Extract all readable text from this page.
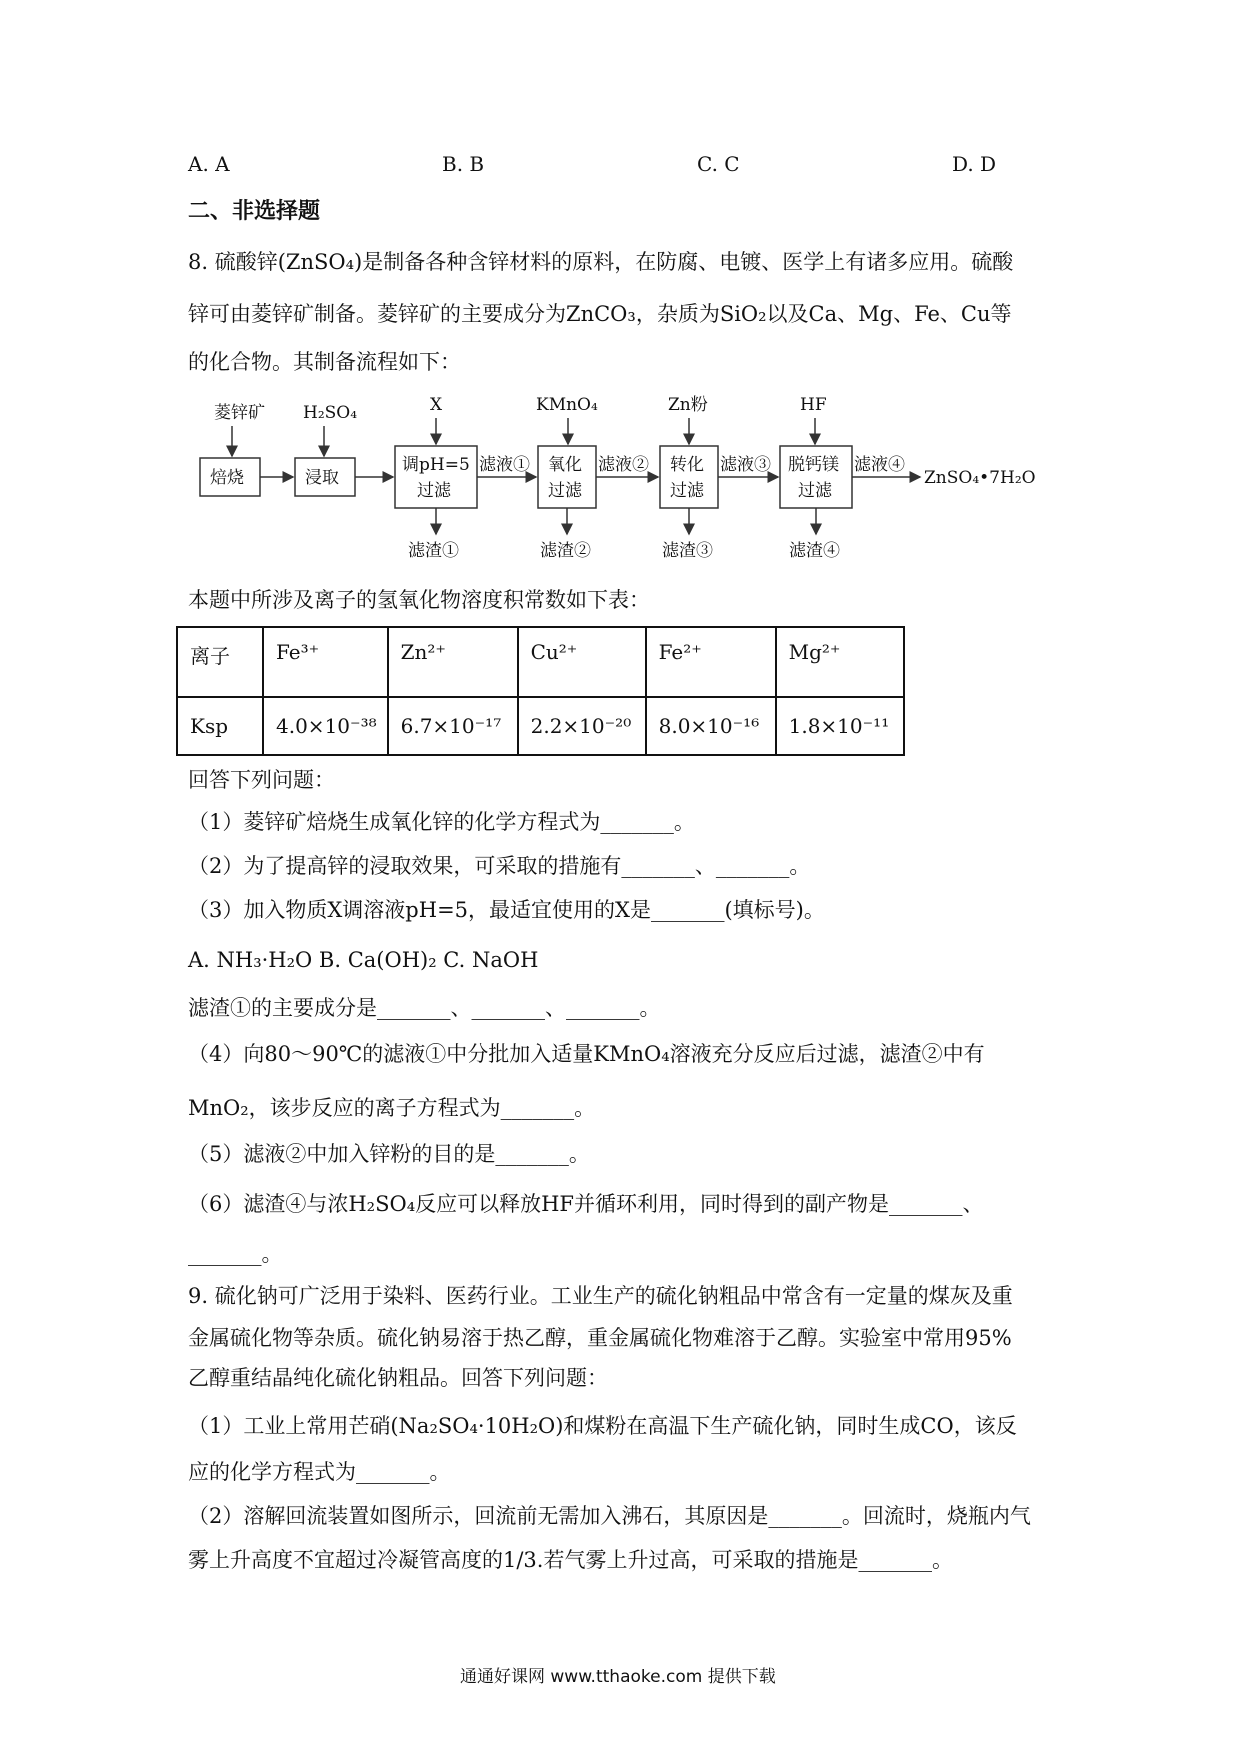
A. A	B. B	C. C	D. D
二、非选择题
8. 硫酸锌(ZnSO₄)是制备各种含锌材料的原料，在防腐、电镀、医学上有诸多应用。硫酸
锌可由菱锌矿制备。菱锌矿的主要成分为ZnCO₃，杂质为SiO₂以及Ca、Mg、Fe、Cu等
的化合物。其制备流程如下：
菱锌矿 H₂SO₄	X	KMnO₄	Zn粉	HF
焙烧	浸取
调pH=5
过滤
氧化
过滤
转化
过滤
脱钙镁
过滤
滤液①	滤液②	滤液③	滤液④
ZnSO₄•7H₂O
滤渣①	滤渣②	滤渣③	滤渣④
本题中所涉及离子的氢氧化物溶度积常数如下表：
离子	Fe³⁺	Zn²⁺	Cu²⁺	Fe²⁺	Mg²⁺
Ksp	4.0×10⁻³⁸	6.7×10⁻¹⁷	2.2×10⁻²⁰	8.0×10⁻¹⁶	1.8×10⁻¹¹
回答下列问题：
（1）菱锌矿焙烧生成氧化锌的化学方程式为_______。
（2）为了提高锌的浸取效果，可采取的措施有_______、_______。
（3）加入物质X调溶液pH=5，最适宜使用的X是_______(填标号)。
A. NH₃·H₂O B. Ca(OH)₂ C. NaOH
滤渣①的主要成分是_______、_______、_______。
（4）向80～90℃的滤液①中分批加入适量KMnO₄溶液充分反应后过滤，滤渣②中有
MnO₂，该步反应的离子方程式为_______。
（5）滤液②中加入锌粉的目的是_______。
（6）滤渣④与浓H₂SO₄反应可以释放HF并循环利用，同时得到的副产物是_______、
_______。
9. 硫化钠可广泛用于染料、医药行业。工业生产的硫化钠粗品中常含有一定量的煤灰及重
金属硫化物等杂质。硫化钠易溶于热乙醇，重金属硫化物难溶于乙醇。实验室中常用95%
乙醇重结晶纯化硫化钠粗品。回答下列问题：
（1）工业上常用芒硝(Na₂SO₄·10H₂O)和煤粉在高温下生产硫化钠，同时生成CO，该反
应的化学方程式为_______。
（2）溶解回流装置如图所示，回流前无需加入沸石，其原因是_______。回流时，烧瓶内气
雾上升高度不宜超过冷凝管高度的1/3.若气雾上升过高，可采取的措施是_______。
通通好课网 www.tthaoke.com 提供下载
